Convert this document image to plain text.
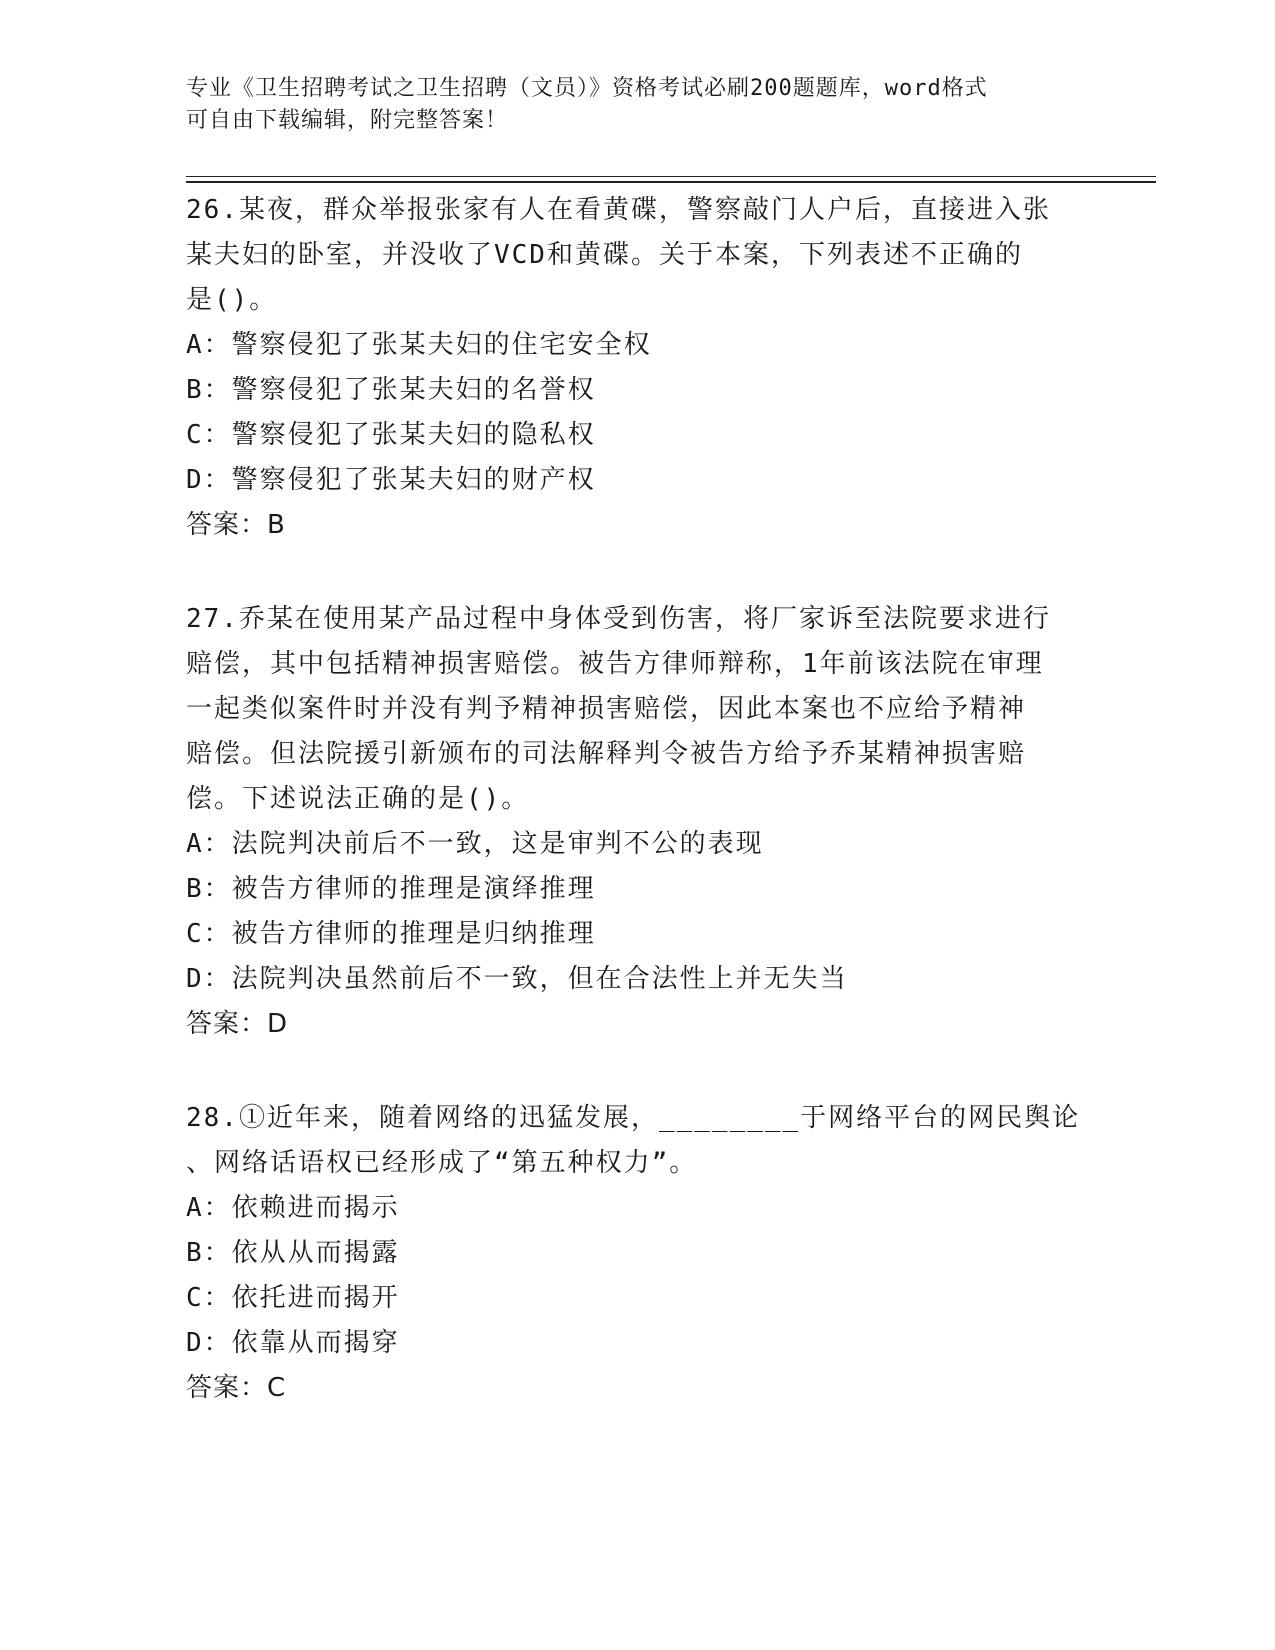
专业《卫生招聘考试之卫生招聘（文员）》资格考试必刷200题题库，word格式
可自由下载编辑，附完整答案！
26.某夜，群众举报张家有人在看黄碟，警察敲门人户后，直接进入张
某夫妇的卧室，并没收了VCD和黄碟。关于本案，下列表述不正确的
是()。
A：警察侵犯了张某夫妇的住宅安全权
B：警察侵犯了张某夫妇的名誉权
C：警察侵犯了张某夫妇的隐私权
D：警察侵犯了张某夫妇的财产权
答案：B
27.乔某在使用某产品过程中身体受到伤害，将厂家诉至法院要求进行
赔偿，其中包括精神损害赔偿。被告方律师辩称，1年前该法院在审理
一起类似案件时并没有判予精神损害赔偿，因此本案也不应给予精神
赔偿。但法院援引新颁布的司法解释判令被告方给予乔某精神损害赔
偿。下述说法正确的是()。
A：法院判决前后不一致，这是审判不公的表现
B：被告方律师的推理是演绎推理
C：被告方律师的推理是归纳推理
D：法院判决虽然前后不一致，但在合法性上并无失当
答案：D
28.①近年来，随着网络的迅猛发展，________于网络平台的网民舆论
、网络话语权已经形成了“第五种权力”。
A：依赖进而揭示
B：依从从而揭露
C：依托进而揭开
D：依靠从而揭穿
答案：C
